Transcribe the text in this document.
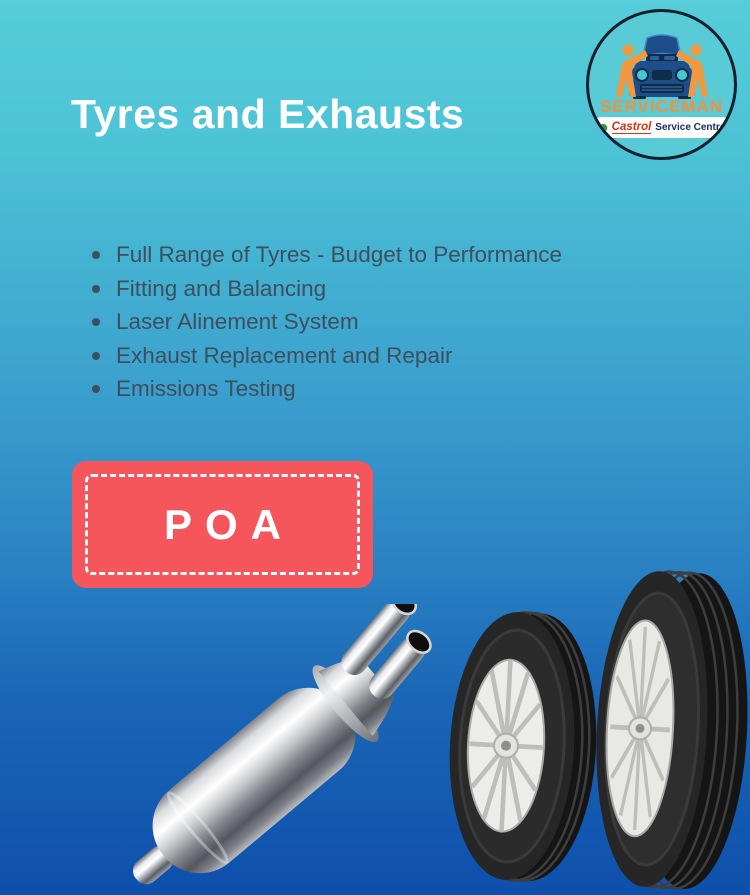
SERVICEMAN
Castrol Service Centre
Tyres and Exhausts
Full Range of Tyres - Budget to Performance
Fitting and Balancing
Laser Alinement System
Exhaust Replacement and Repair
Emissions Testing
POA
